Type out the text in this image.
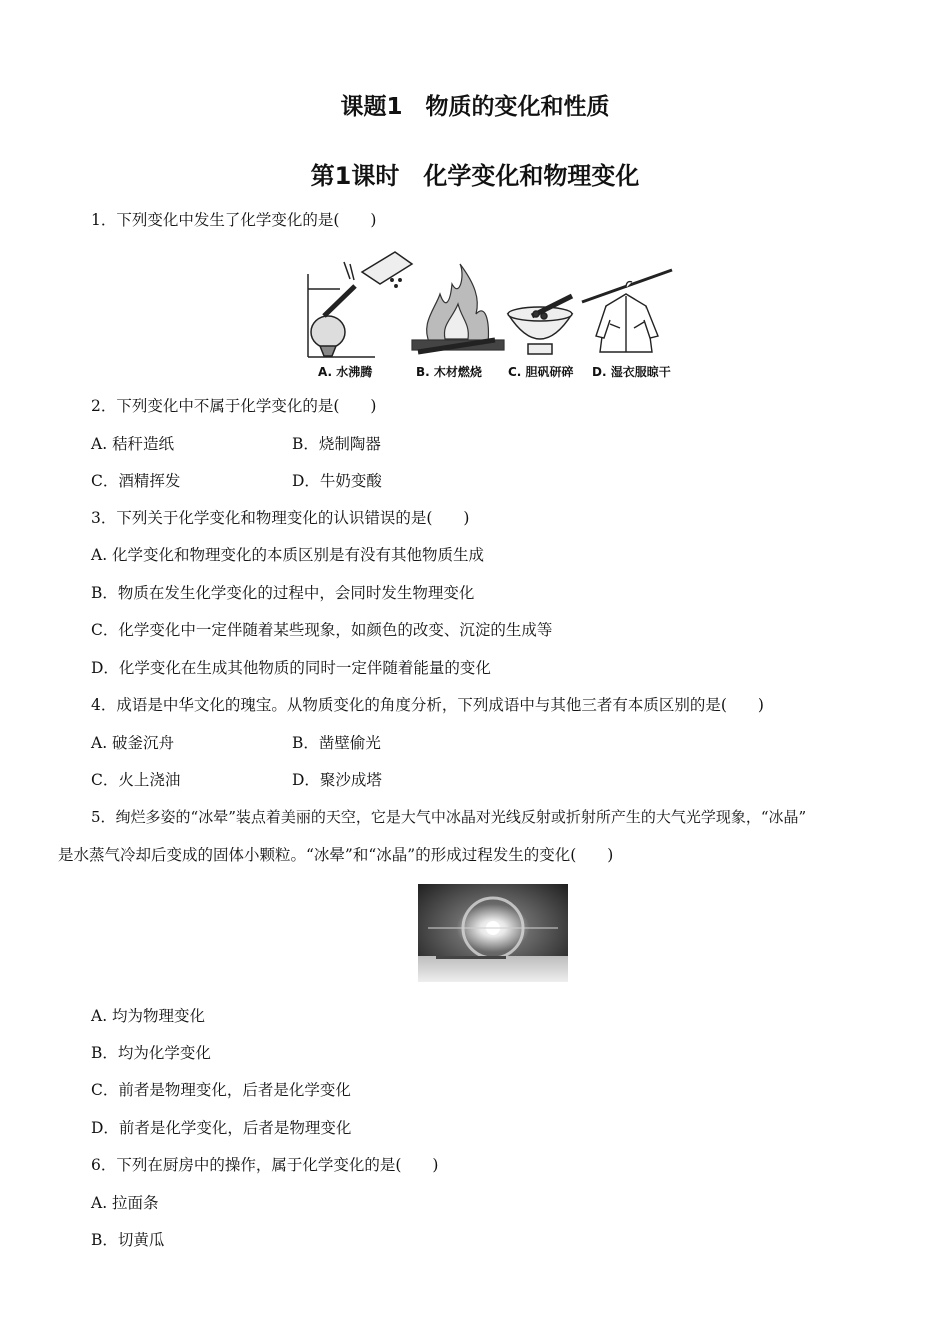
课题1　物质的变化和性质
第1课时　化学变化和物理变化
1．下列变化中发生了化学变化的是(　　)
A. 水沸腾	B. 木材燃烧 C. 胆矾研碎 D. 湿衣服晾干
2．下列变化中不属于化学变化的是(　　)
A. 秸秆造纸	B．烧制陶器
C．酒精挥发	D．牛奶变酸
3．下列关于化学变化和物理变化的认识错误的是(　　)
A. 化学变化和物理变化的本质区别是有没有其他物质生成
B．物质在发生化学变化的过程中，会同时发生物理变化
C．化学变化中一定伴随着某些现象，如颜色的改变、沉淀的生成等
D．化学变化在生成其他物质的同时一定伴随着能量的变化
4．成语是中华文化的瑰宝。从物质变化的角度分析，下列成语中与其他三者有本质区别的是(　　)
A. 破釜沉舟	B．凿壁偷光
C．火上浇油	D．聚沙成塔
5．绚烂多姿的“冰晕”装点着美丽的天空，它是大气中冰晶对光线反射或折射所产生的大气光学现象，“冰晶”
是水蒸气冷却后变成的固体小颗粒。“冰晕”和“冰晶”的形成过程发生的变化(　　)
A. 均为物理变化
B．均为化学变化
C．前者是物理变化，后者是化学变化
D．前者是化学变化，后者是物理变化
6．下列在厨房中的操作，属于化学变化的是(　　)
A. 拉面条
B．切黄瓜
